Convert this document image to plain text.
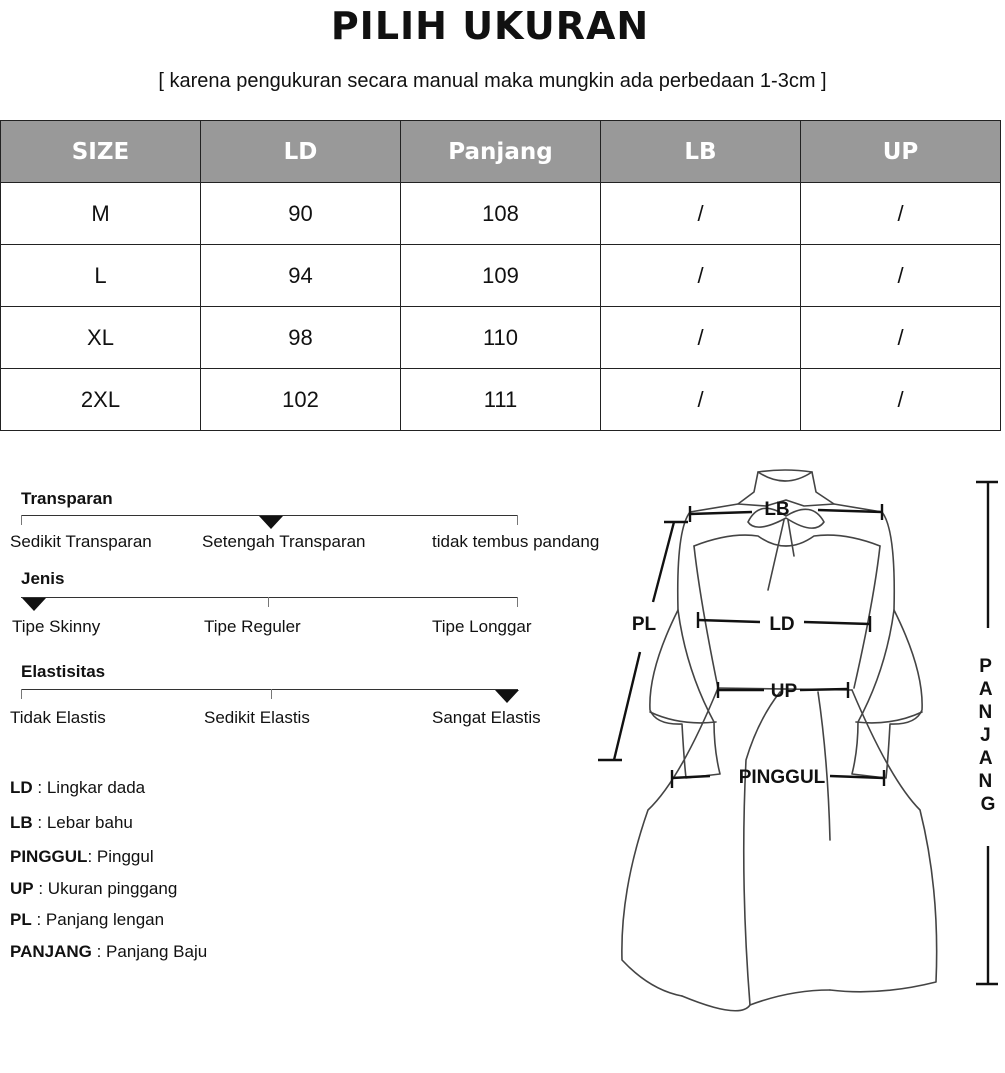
PILIH UKURAN
[ karena pengukuran secara manual maka mungkin ada perbedaan 1-3cm ]
SIZE	LD	Panjang	LB	UP
M	90	108	/	/
L	94	109	/	/
XL	98	110	/	/
2XL	102	111	/	/
Transparan
Sedikit Transparan	Setengah Transparan	tidak tembus pandang
Jenis
Tipe Skinny	Tipe Reguler	Tipe Longgar
Elastisitas
Tidak Elastis	Sedikit Elastis	Sangat Elastis
LD : Lingkar dada
LB : Lebar bahu
PINGGUL: Pinggul
UP : Ukuran pinggang
PL : Panjang lengan
PANJANG : Panjang Baju
LB
PL	LD
UP
PINGGUL
P A N J A N G
